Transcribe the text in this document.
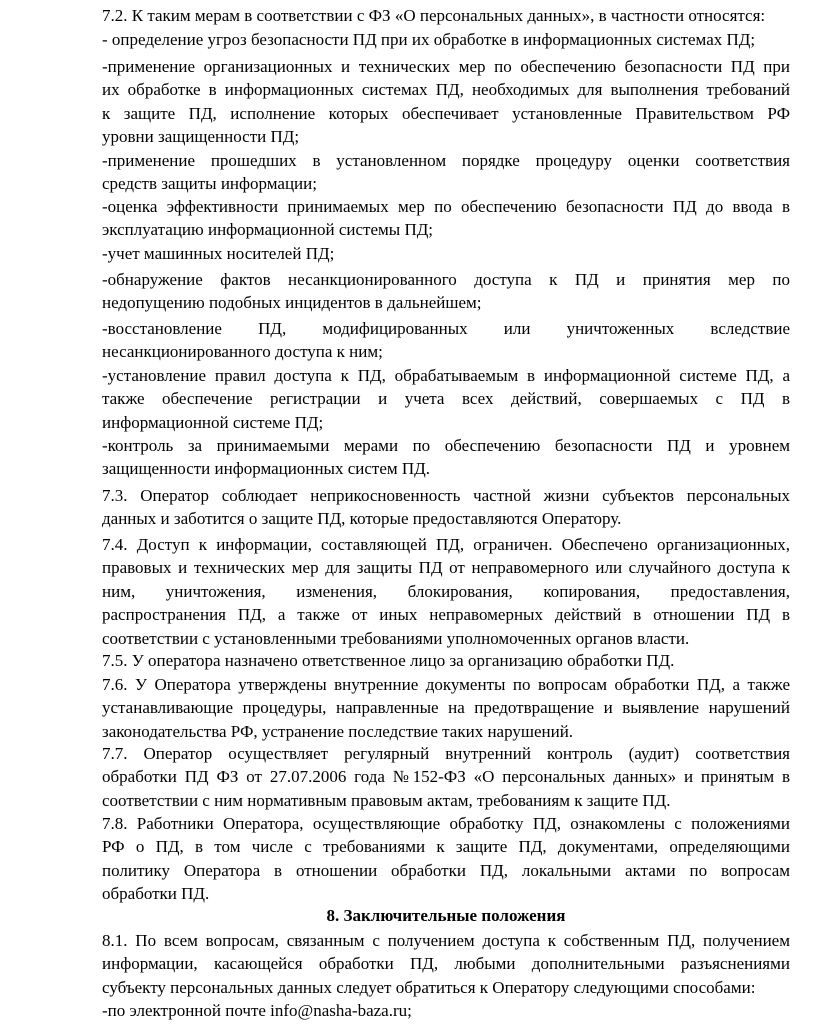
7.2. К таким мерам в соответствии с ФЗ «О персональных данных», в частности относятся:

- определение угроз безопасности ПД при их обработке в информационных системах ПД;

-применение организационных и технических мер по обеспечению безопасности ПД при
их обработке в информационных системах ПД, необходимых для выполнения требований
к защите ПД, исполнение которых обеспечивает установленные Правительством РФ
уровни защищенности ПД;

-применение прошедших в установленном порядке процедуру оценки соответствия
средств защиты информации;

-оценка эффективности принимаемых мер по обеспечению безопасности ПД до ввода в
эксплуатацию информационной системы ПД;

-учет машинных носителей ПД;

-обнаружение фактов несанкционированного доступа к ПД и принятия мер по
недопущению подобных инцидентов в дальнейшем;

-восстановление ПД, модифицированных или уничтоженных вследствие
несанкционированного доступа к ним;

-установление правил доступа к ПД, обрабатываемым в информационной системе ПД, а
также обеспечение регистрации и учета всех действий, совершаемых с ПД в
информационной системе ПД;

-контроль за принимаемыми мерами по обеспечению безопасности ПД и уровнем
защищенности информационных систем ПД.

7.3. Оператор соблюдает неприкосновенность частной жизни субъектов персональных
данных и заботится о защите ПД, которые предоставляются Оператору.

7.4. Доступ к информации, составляющей ПД, ограничен. Обеспечено организационных,
правовых и технических мер для защиты ПД от неправомерного или случайного доступа к
ним, уничтожения, изменения, блокирования, копирования, предоставления,
распространения ПД, а также от иных неправомерных действий в отношении ПД в
соответствии с установленными требованиями уполномоченных органов власти.

7.5. У оператора назначено ответственное лицо за организацию обработки ПД.

7.6. У Оператора утверждены внутренние документы по вопросам обработки ПД, а также
устанавливающие процедуры, направленные на предотвращение и выявление нарушений
законодательства РФ, устранение последствие таких нарушений.

7.7. Оператор осуществляет регулярный внутренний контроль (аудит) соответствия
обработки ПД ФЗ от 27.07.2006 года №152-ФЗ «О персональных данных» и принятым в
соответствии с ним нормативным правовым актам, требованиям к защите ПД.

7.8. Работники Оператора, осуществляющие обработку ПД, ознакомлены с положениями
РФ о ПД, в том числе с требованиями к защите ПД, документами, определяющими
политику Оператора в отношении обработки ПД, локальными актами по вопросам
обработки ПД.

8. Заключительные положения

8.1. По всем вопросам, связанным с получением доступа к собственным ПД, получением
информации, касающейся обработки ПД, любыми дополнительными разъяснениями
субъекту персональных данных следует обратиться к Оператору следующими способами:

-по электронной почте info@nasha-baza.ru;
